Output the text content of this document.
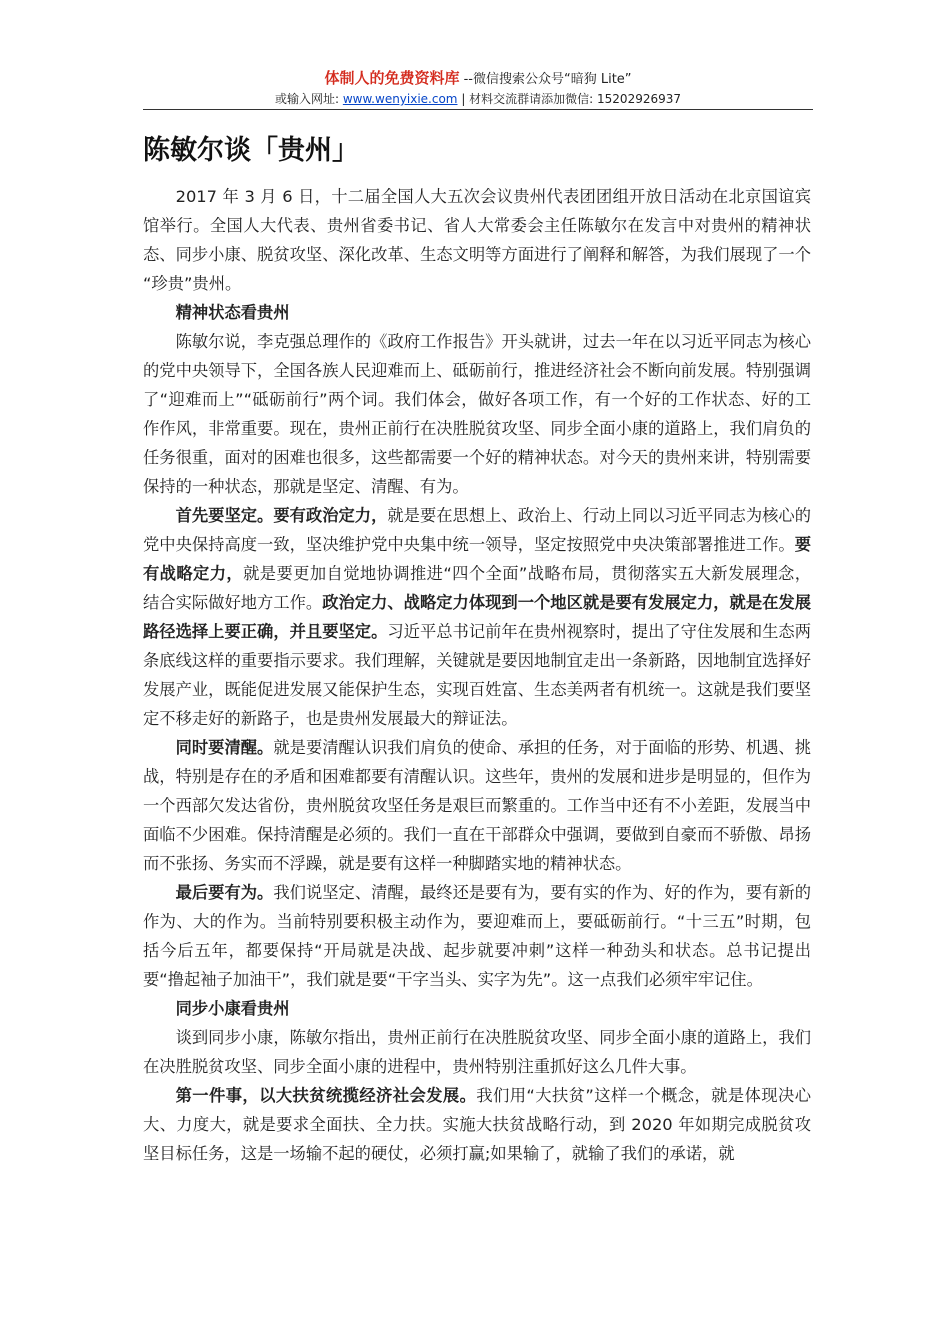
体制人的免费资料库 --微信搜索公众号“暗狗 Lite”
或输入网址: www.wenyixie.com | 材料交流群请添加微信: 15202926937
陈敏尔谈「贵州」

2017 年 3 月 6 日，十二届全国人大五次会议贵州代表团团组开放日活动在北京国谊宾馆举行。全国人大代表、贵州省委书记、省人大常委会主任陈敏尔在发言中对贵州的精神状态、同步小康、脱贫攻坚、深化改革、生态文明等方面进行了阐释和解答，为我们展现了一个 “珍贵”贵州。

精神状态看贵州

陈敏尔说，李克强总理作的《政府工作报告》开头就讲，过去一年在以习近平同志为核心的党中央领导下，全国各族人民迎难而上、砥砺前行，推进经济社会不断向前发展。特别强调了“迎难而上”“砥砺前行”两个词。我们体会，做好各项工作，有一个好的工作状态、好的工作作风，非常重要。现在，贵州正前行在决胜脱贫攻坚、同步全面小康的道路上，我们肩负的任务很重，面对的困难也很多，这些都需要一个好的精神状态。对今天的贵州来讲，特别需要保持的一种状态，那就是坚定、清醒、有为。

首先要坚定。要有政治定力，就是要在思想上、政治上、行动上同以习近平同志为核心的党中央保持高度一致，坚决维护党中央集中统一领导，坚定按照党中央决策部署推进工作。要有战略定力，就是要更加自觉地协调推进“四个全面”战略布局，贯彻落实五大新发展理念，结合实际做好地方工作。政治定力、战略定力体现到一个地区就是要有发展定力，就是在发展路径选择上要正确，并且要坚定。习近平总书记前年在贵州视察时，提出了守住发展和生态两条底线这样的重要指示要求。我们理解，关键就是要因地制宜走出一条新路，因地制宜选择好发展产业，既能促进发展又能保护生态，实现百姓富、生态美两者有机统一。这就是我们要坚定不移走好的新路子，也是贵州发展最大的辩证法。

同时要清醒。就是要清醒认识我们肩负的使命、承担的任务，对于面临的形势、机遇、挑战，特别是存在的矛盾和困难都要有清醒认识。这些年，贵州的发展和进步是明显的，但作为一个西部欠发达省份，贵州脱贫攻坚任务是艰巨而繁重的。工作当中还有不小差距，发展当中面临不少困难。保持清醒是必须的。我们一直在干部群众中强调，要做到自豪而不骄傲、昂扬而不张扬、务实而不浮躁，就是要有这样一种脚踏实地的精神状态。

最后要有为。我们说坚定、清醒，最终还是要有为，要有实的作为、好的作为，要有新的作为、大的作为。当前特别要积极主动作为，要迎难而上，要砥砺前行。“十三五”时期，包括今后五年，都要保持“开局就是决战、起步就要冲刺”这样一种劲头和状态。总书记提出要“撸起袖子加油干”，我们就是要“干字当头、实字为先”。这一点我们必须牢牢记住。

同步小康看贵州

谈到同步小康，陈敏尔指出，贵州正前行在决胜脱贫攻坚、同步全面小康的道路上，我们在决胜脱贫攻坚、同步全面小康的进程中，贵州特别注重抓好这么几件大事。

第一件事，以大扶贫统揽经济社会发展。我们用“大扶贫”这样一个概念，就是体现决心大、力度大，就是要求全面扶、全力扶。实施大扶贫战略行动，到 2020 年如期完成脱贫攻坚目标任务，这是一场输不起的硬仗，必须打赢;如果输了，就输了我们的承诺，就
